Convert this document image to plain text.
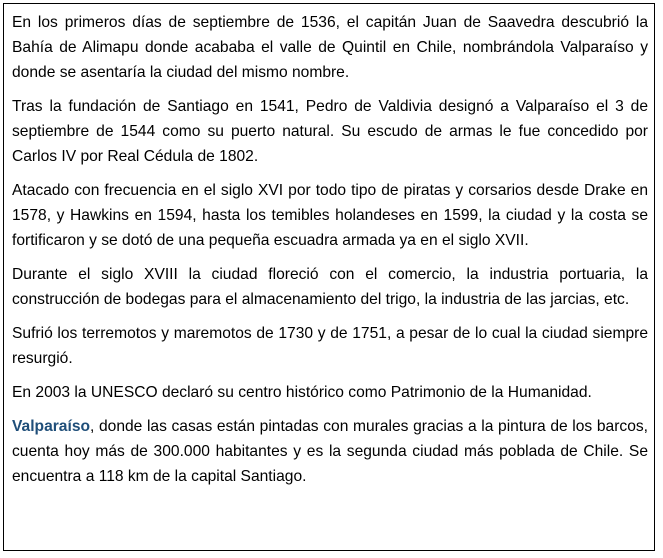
En los primeros días de septiembre de 1536, el capitán Juan de Saavedra descubrió la Bahía de Alimapu donde acababa el valle de Quintil en Chile, nombrándola Valparaíso y donde se asentaría la ciudad del mismo nombre.

Tras la fundación de Santiago en 1541, Pedro de Valdivia designó a Valparaíso el 3 de septiembre de 1544 como su puerto natural. Su escudo de armas le fue concedido por Carlos IV por Real Cédula de 1802.

Atacado con frecuencia en el siglo XVI por todo tipo de piratas y corsarios desde Drake en 1578, y Hawkins en 1594, hasta los temibles holandeses en 1599, la ciudad y la costa se fortificaron y se dotó de una pequeña escuadra armada ya en el siglo XVII.

Durante el siglo XVIII la ciudad floreció con el comercio, la industria portuaria, la construcción de bodegas para el almacenamiento del trigo, la industria de las jarcias, etc.

Sufrió los terremotos y maremotos de 1730 y de 1751, a pesar de lo cual la ciudad siempre resurgió.

En 2003 la UNESCO declaró su centro histórico como Patrimonio de la Humanidad.

Valparaíso, donde las casas están pintadas con murales gracias a la pintura de los barcos, cuenta hoy más de 300.000 habitantes y es la segunda ciudad más poblada de Chile. Se encuentra a 118 km de la capital Santiago.
